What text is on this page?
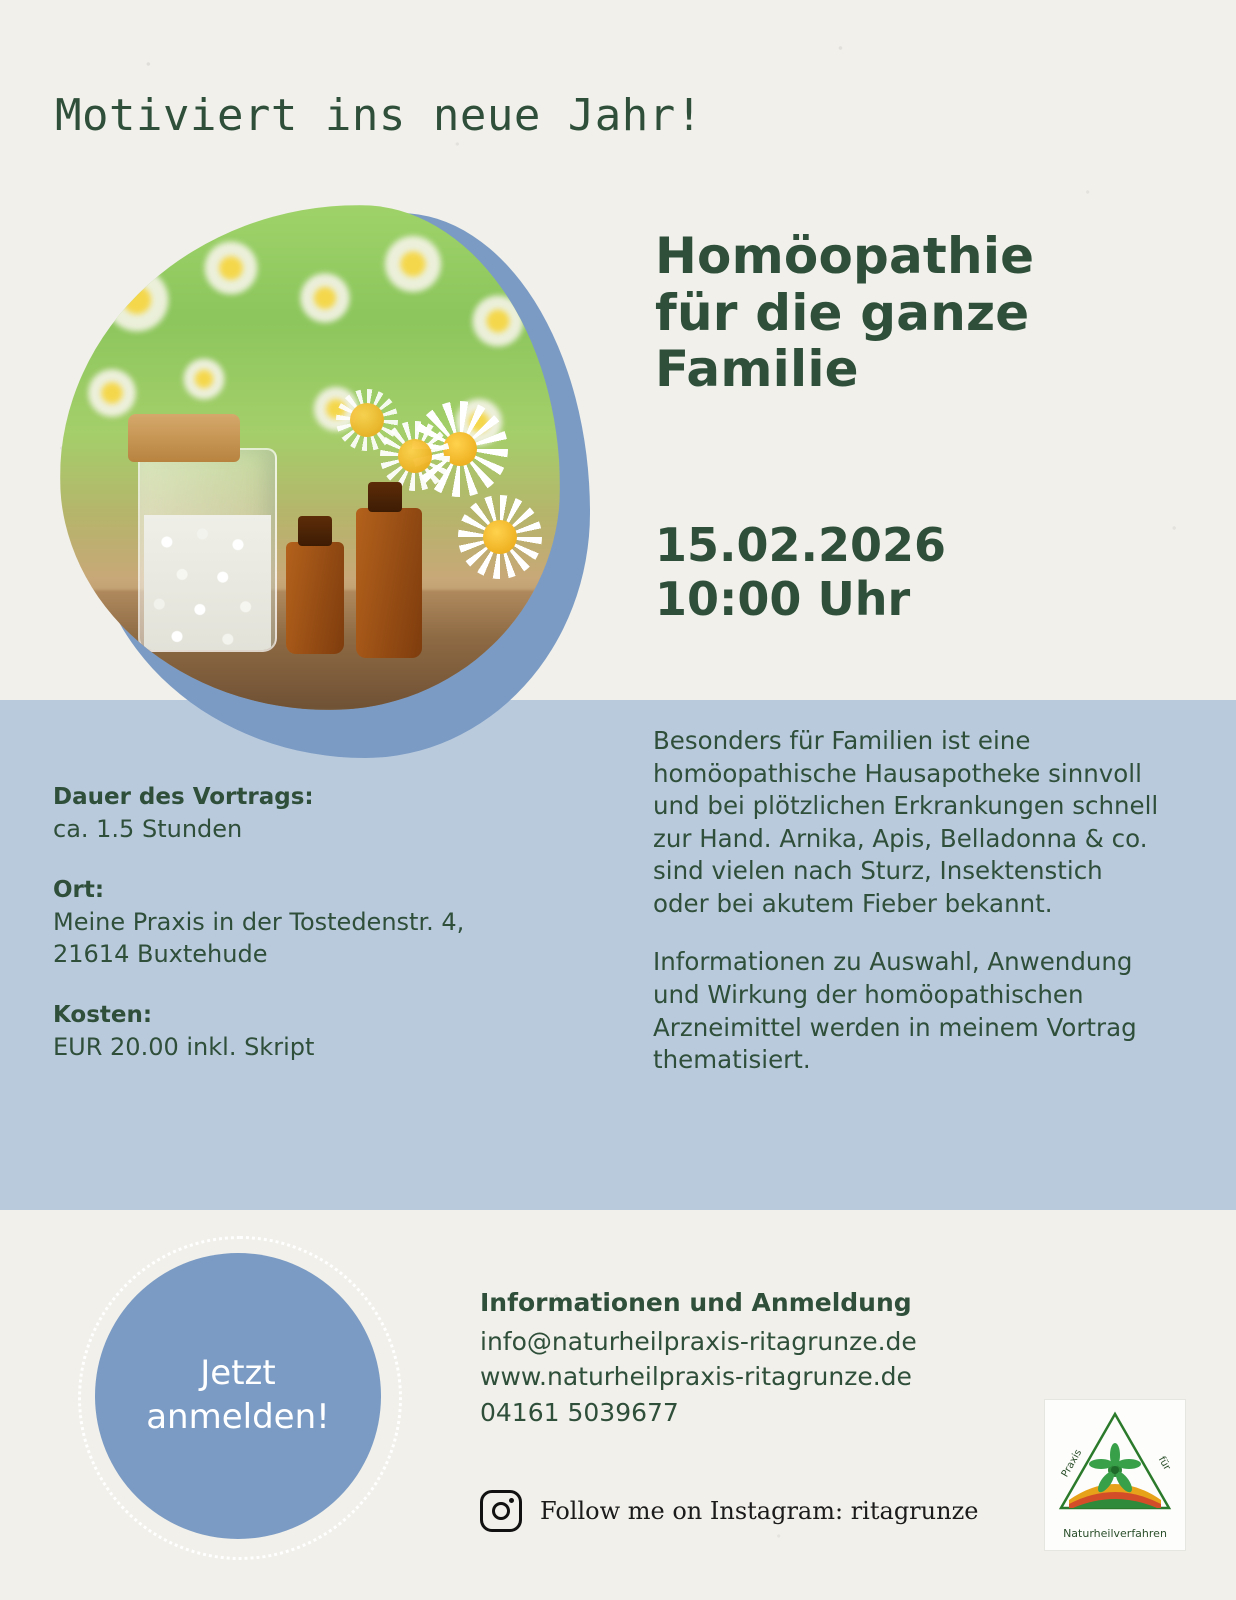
Motiviert ins neue Jahr!
Homöopathie für die ganze Familie
15.02.2026
10:00 Uhr
Dauer des Vortrags:
ca. 1.5 Stunden
Ort:
Meine Praxis in der Tostedenstr. 4,
21614 Buxtehude
Kosten:
EUR 20.00 inkl. Skript

Besonders für Familien ist eine homöopathische Hausapotheke sinnvoll und bei plötzlichen Erkrankungen schnell zur Hand. Arnika, Apis, Belladonna & co. sind vielen nach Sturz, Insektenstich oder bei akutem Fieber bekannt.

Informationen zu Auswahl, Anwendung und Wirkung der homöopathischen Arzneimittel werden in meinem Vortrag thematisiert.

Jetzt
anmelden!
Informationen und Anmeldung
info@naturheilpraxis-ritagrunze.de
www.naturheilpraxis-ritagrunze.de
04161 5039677
Follow me on Instagram: ritagrunze
Praxis	für
Naturheilverfahren
